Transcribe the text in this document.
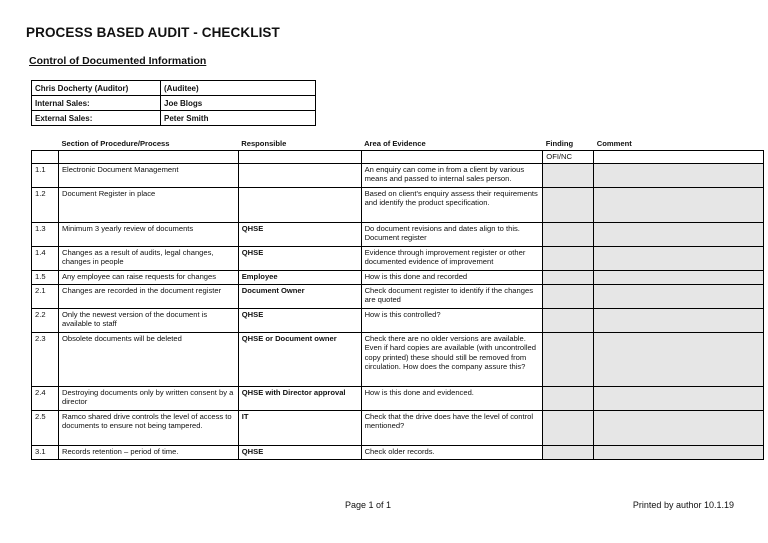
PROCESS BASED AUDIT - CHECKLIST
Control of Documented Information
Chris Docherty (Auditor)	(Auditee)
Internal Sales:	Joe Blogs
External Sales:	Peter Smith
	Section of Procedure/Process	Responsible	Area of Evidence	Finding	Comment
				OFI/NC	
1.1	Electronic Document Management		An enquiry can come in from a client by various means and passed to internal sales person.		
1.2	Document Register in place		Based on client's enquiry assess their requirements and identify the product specification.		
1.3	Minimum 3 yearly review of documents	QHSE	Do document revisions and dates align to this. Document register		
1.4	Changes as a result of audits, legal changes, changes in people	QHSE	Evidence through improvement register or other documented evidence of improvement		
1.5	Any employee can raise requests for changes	Employee	How is this done and recorded		
2.1	Changes are recorded in the document register	Document Owner	Check document register to identify if the changes are quoted		
2.2	Only the newest version of the document is available to staff	QHSE	How is this controlled?		
2.3	Obsolete documents will be deleted	QHSE or Document owner	Check there are no older versions are available. Even if hard copies are available (with uncontrolled copy printed) these should still be removed from circulation. How does the company assure this?		
2.4	Destroying documents only by written consent by a director	QHSE with Director approval	How is this done and evidenced.		
2.5	Ramco shared drive controls the level of access to documents to ensure not being tampered.	IT	Check that the drive does have the level of control mentioned?		
3.1	Records retention – period of time.	QHSE	Check older records.		
Page 1 of 1	Printed by author 10.1.19
